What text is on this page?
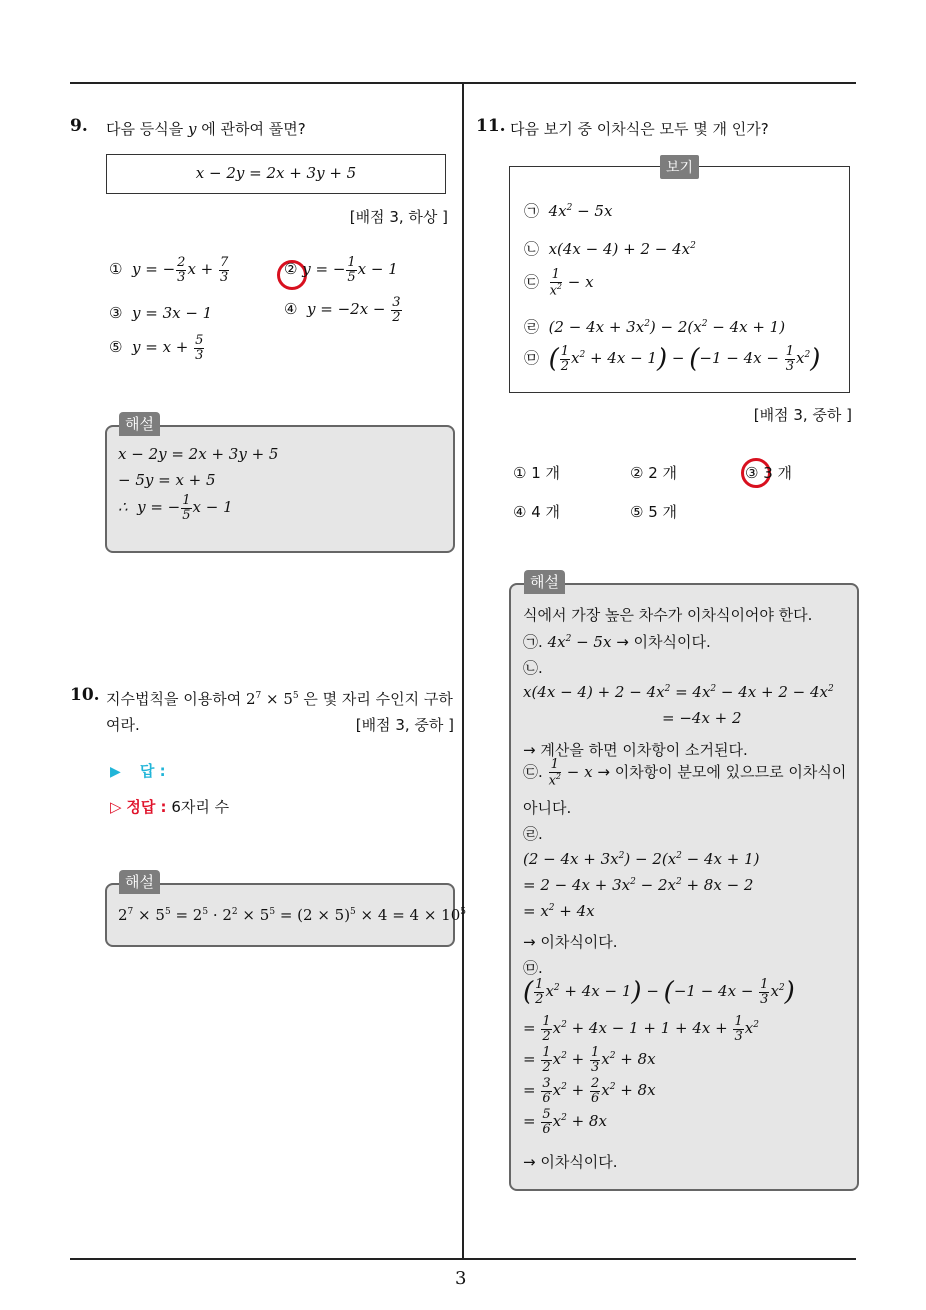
3
9. 다음 등식을 y 에 관하여 풀면?
x − 2y = 2x + 3y + 5
[배점 3, 하상 ]
① y = − $\frac{2}{3}$ $x + \frac{7}{3}$	② y = − $\frac{1}{5}$ x − 1
③ y = 3x − 1	④ $y = -2x - \frac{3}{2}$
⑤ $y = x + \frac{5}{3}$
해설
x − 2y = 2x + 3y + 5
− 5y = x + 5
∴  y = − $\frac{1}{5}$ x − 1
10. 지수법칙을 이용하여 $2^7 \times 5^5$ 은 몇 자리 수인지 구하
여라.	[배점 3, 중하 ]
▶ 답 :
▷ 정답 : 6자리 수
해설
$2^7 \times 5^5 = 2^5 \cdot 2^2 \times 5^5 = (2 \times 5)^5 \times 4 = 4 \times 10^5$
11. 다음 보기 중 이차식은 모두 몇 개 인가?
보기
㉠ $4x^2 - 5x$
㉡ $x(4x - 4) + 2 - 4x^2$
㉢ $\frac{1}{x^2} - x$
㉣ $(2 - 4x + 3x^2) - 2(x^2 - 4x + 1)$
㉤ ( $\frac{1}{2} x^2 + 4x - 1) - (-1 - 4x - \frac{1}{3} x^2)$
[배점 3, 중하 ]
① 1 개	② 2 개	③ 3 개
④ 4 개	⑤ 5 개
해설
식에서 가장 높은 차수가 이차식이어야 한다.
㉠. $4x^2 - 5x$ → 이차식이다.
㉡.
$x(4x - 4) + 2 - 4x^2 = 4x^2 - 4x + 2 - 4x^2$
= −4x + 2
→ 계산을 하면 이차항이 소거된다.
㉢. $\frac{1}{x^2} - x$ → 이차항이 분모에 있으므로 이차식이
아니다.
㉣.
$(2 - 4x + 3x^2) - 2(x^2 - 4x + 1)$
= $2 - 4x + 3x^2 - 2x^2 + 8x - 2$
= $x^2 + 4x$
→ 이차식이다.
㉤.
( $\frac{1}{2} x^2 + 4x - 1) - (-1 - 4x - \frac{1}{3} x^2)$
= $\frac{1}{2} x^2 + 4x - 1 + 1 + 4x + \frac{1}{3} x^2$
= $\frac{1}{2} x^2 + \frac{1}{3} x^2 + 8x$
= $\frac{3}{6} x^2 + \frac{2}{6} x^2 + 8x$
= $\frac{5}{6} x^2 + 8x$
→ 이차식이다.
